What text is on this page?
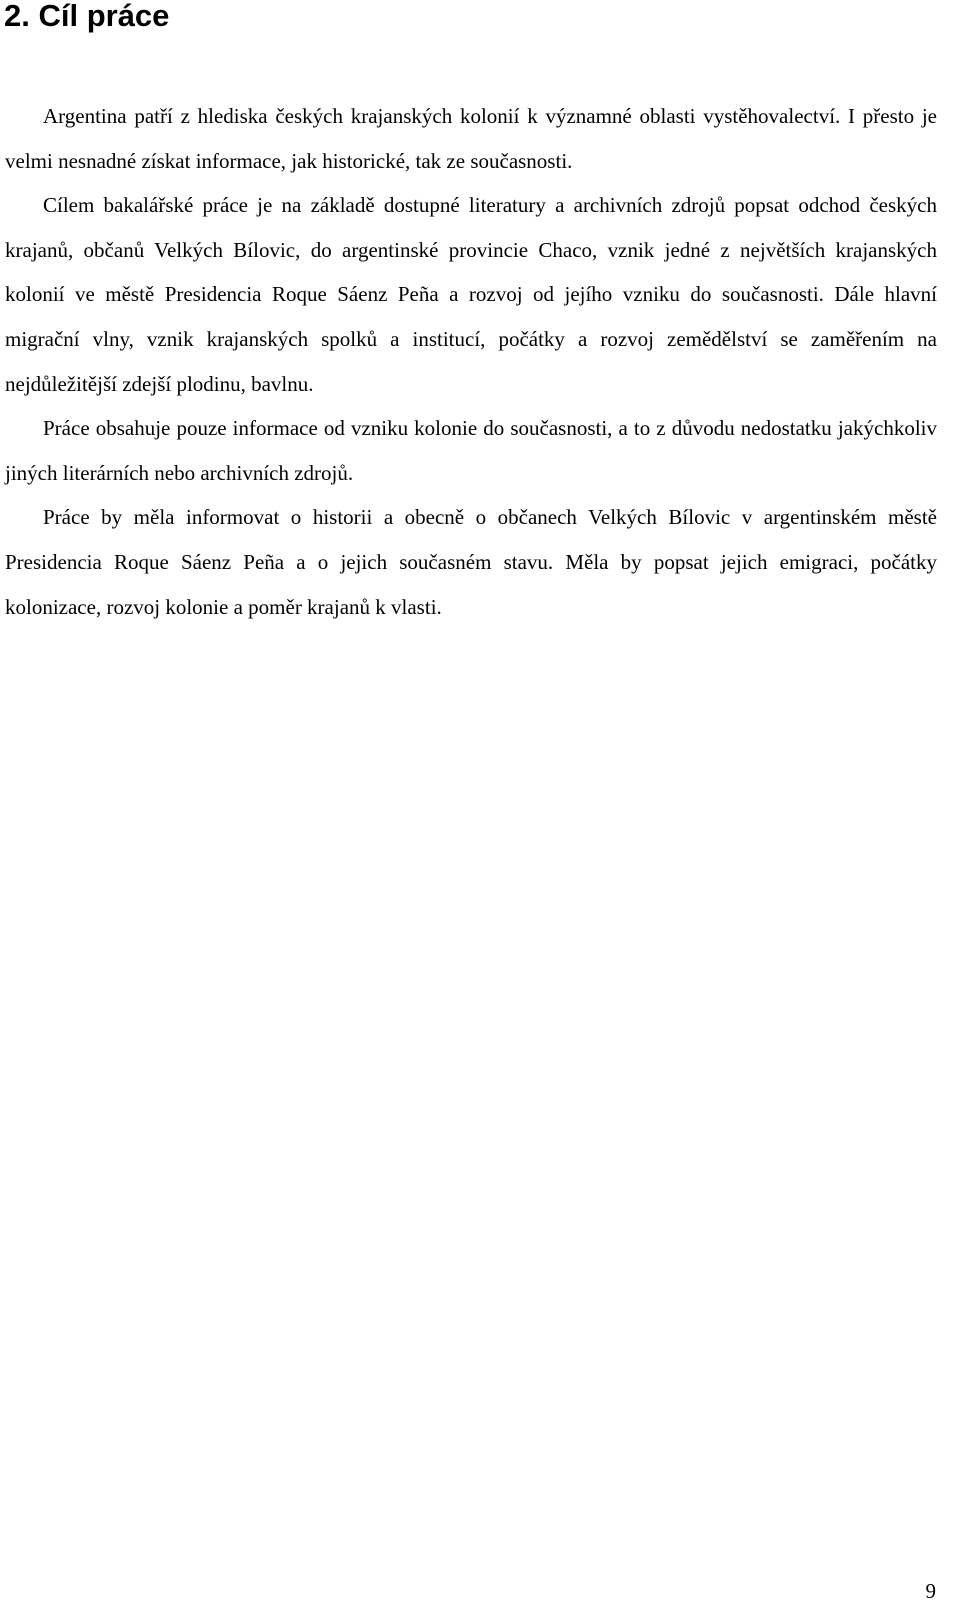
2. Cíl práce

Argentina patří z hlediska českých krajanských kolonií k významné oblasti vystěhovalectví. I přesto je velmi nesnadné získat informace, jak historické, tak ze současnosti.

Cílem bakalářské práce je na základě dostupné literatury a archivních zdrojů popsat odchod českých krajanů, občanů Velkých Bílovic, do argentinské provincie Chaco, vznik jedné z největších krajanských kolonií ve městě Presidencia Roque Sáenz Peña a rozvoj od jejího vzniku do současnosti. Dále hlavní migrační vlny, vznik krajanských spolků a institucí, počátky a rozvoj zemědělství se zaměřením na nejdůležitější zdejší plodinu, bavlnu.

Práce obsahuje pouze informace od vzniku kolonie do současnosti, a to z důvodu nedostatku jakýchkoliv jiných literárních nebo archivních zdrojů.

Práce by měla informovat o historii a obecně o občanech Velkých Bílovic v argentinském městě Presidencia Roque Sáenz Peña a o jejich současném stavu. Měla by popsat jejich emigraci, počátky kolonizace, rozvoj kolonie a poměr krajanů k vlasti.

9
